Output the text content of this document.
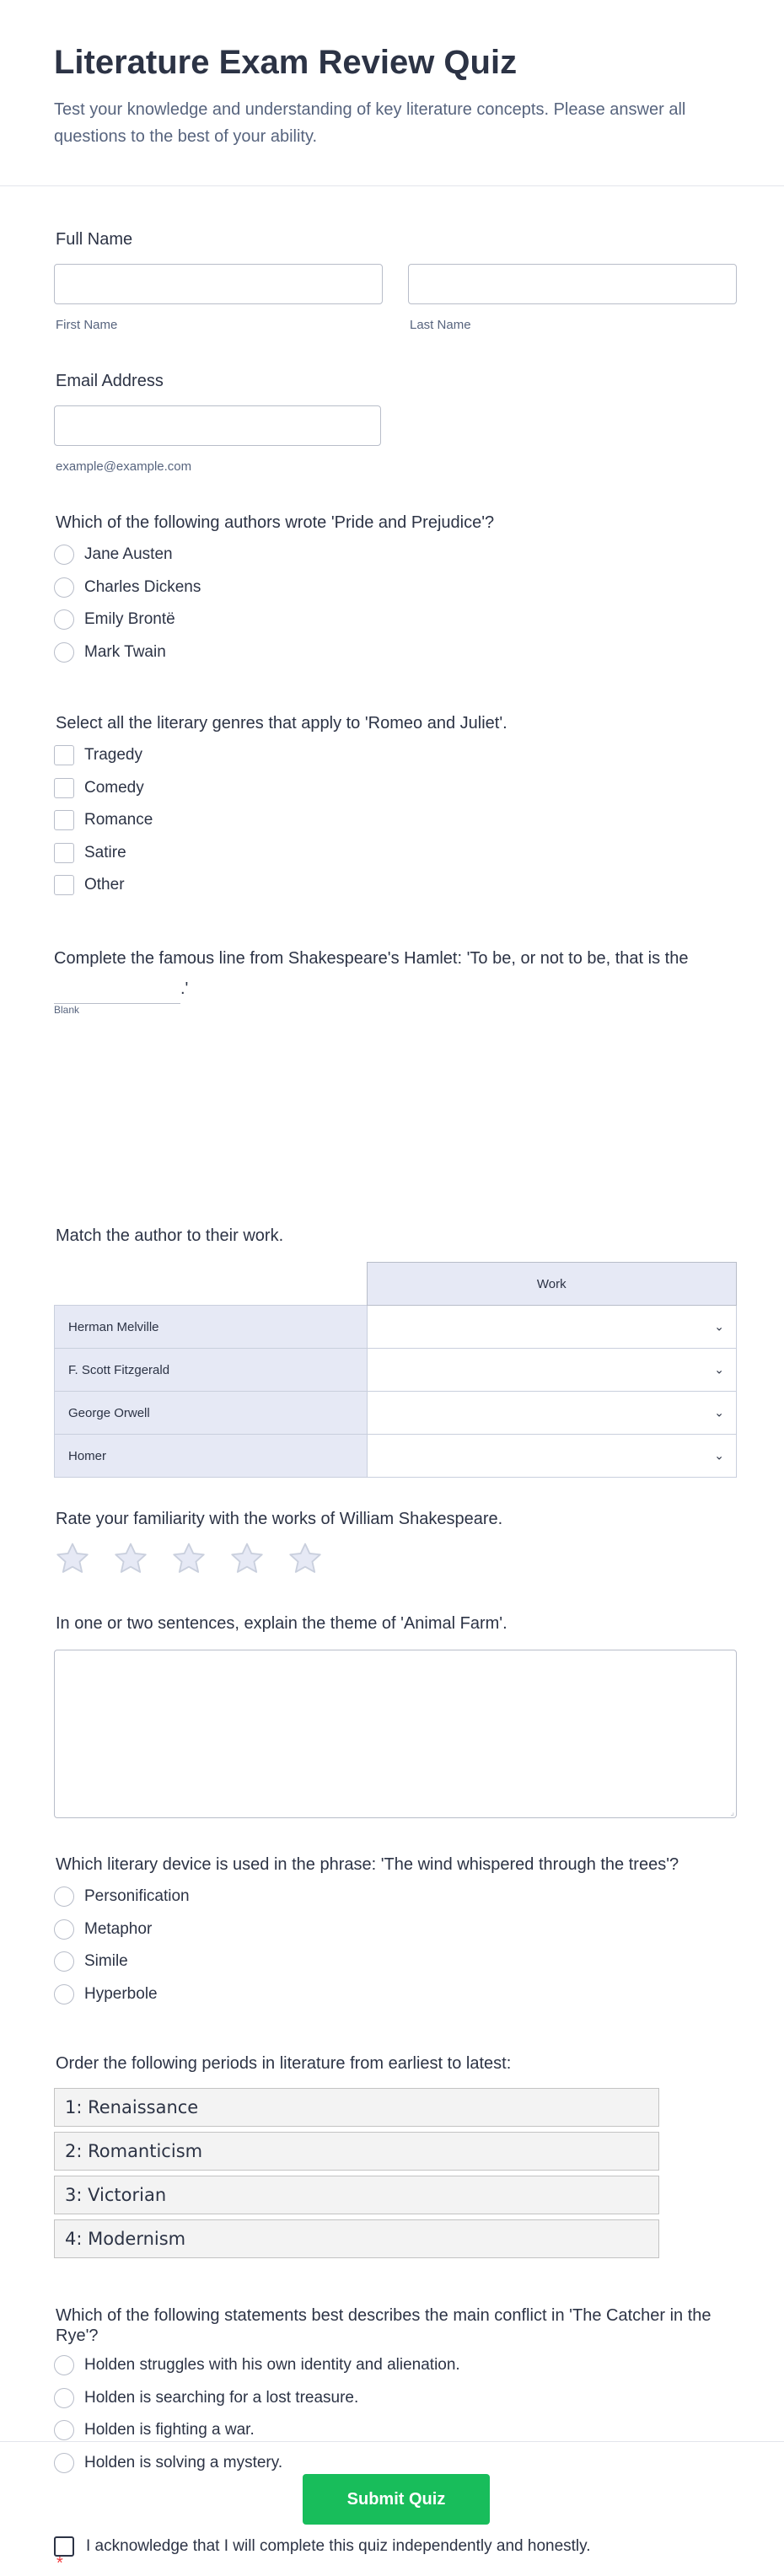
Literature Exam Review Quiz

Test your knowledge and understanding of key literature concepts. Please answer all questions to the best of your ability.

Full Name
First Name	Last Name
Email Address
example@example.com
Which of the following authors wrote 'Pride and Prejudice'?
Jane Austen
Charles Dickens
Emily Brontë
Mark Twain
Select all the literary genres that apply to 'Romeo and Juliet'.
Tragedy
Comedy
Romance
Satire
Other
Complete the famous line from Shakespeare's Hamlet: 'To be, or not to be, that is the
.'
Blank
Match the author to their work.
	Work
Herman Melville	⌄

F. Scott Fitzgerald	⌄

George Orwell	⌄

Homer	⌄
Rate your familiarity with the works of William Shakespeare.
In one or two sentences, explain the theme of 'Animal Farm'.
⌟
Which literary device is used in the phrase: 'The wind whispered through the trees'?
Personification
Metaphor
Simile
Hyperbole
Order the following periods in literature from earliest to latest:
1: Renaissance
2: Romanticism
3: Victorian
4: Modernism
Which of the following statements best describes the main conflict in 'The Catcher in the Rye'?
Holden struggles with his own identity and alienation.
Holden is searching for a lost treasure.
Holden is fighting a war.
Holden is solving a mystery.
I acknowledge that I will complete this quiz independently and honestly.
*
Submit Quiz
